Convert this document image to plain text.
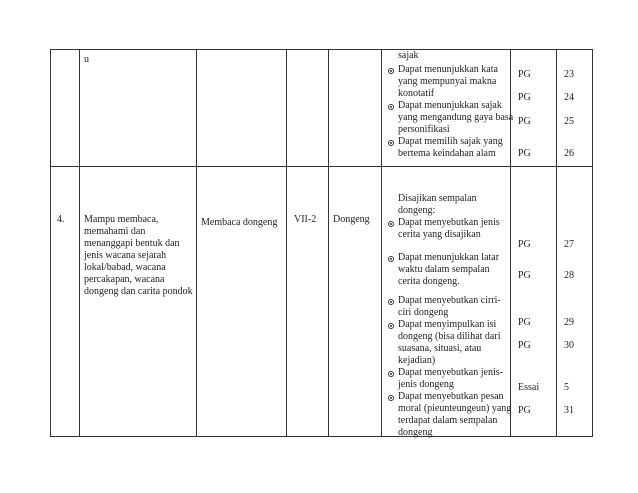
u	sajak
Dapat menunjukkan kata
yang mempunyai makna
konotatif
Dapat menunjukkan sajak
yang mengandung gaya basa
personifikasi
Dapat memilih sajak yang
bertema keindahan alam
PG
PG
PG
PG
23
24
25
26
4. Mampu membaca,
memahami dan
menanggapi bentuk dan
jenis wacana sejarah
lokal/babad, wacana
percakapan, wacana
dongeng dan carita pondok
Membaca dongeng VII-2 Dongeng
Disajikan sempalan
dongeng:
Dapat menyebutkan jenis
cerita yang disajikan
Dapat menunjukkan latar
waktu dalam sempalan
cerita dongeng.
Dapat menyebutkan cirri-
ciri dongeng
Dapat menyimpulkan isi
dongeng (bisa dilihat dari
suasana, situasi, atau
kejadian)
Dapat menyebutkan jenis-
jenis dongeng
Dapat menyebutkan pesan
moral (pieunteungeun) yang
terdapat dalam sempalan
dongeng
PG
PG
PG
PG
Essai
PG
27
28
29
30
5
31
